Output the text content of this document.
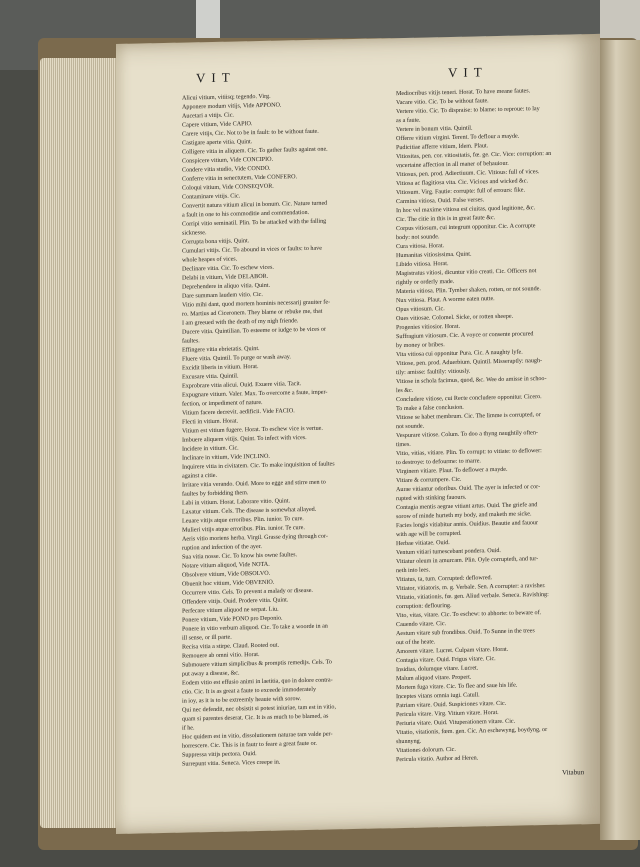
VIT	VIT
Alicui vitium, vitiisq; tegendo. Virg.
Apponere modum vitijs, Vide APPONO.
Aucetari a vitijs. Cic.
Capere vitium, Vide CAPIO.
Carere vitijs, Cic. Not to be in fault: to be without faute.
Castigare aperte vitia. Quint.
Colligere vitia in aliquem. Cic. To gather faults against one.
Conspicere vitium, Vide CONCIPIO.
Condere vitia studio, Vide CONDO.
Conferre vitia in senectutem, Vide CONFERO.
Coloqui vitium, Vide CONSEQVOR.
Contaminare vitijs. Cic.
Convertit natura vitium alicui in bonum. Cic. Nature turned
a fault in one to his commoditie and commendation.
Corripi vitio seminatil. Plin. To be attacked with the falling
sicknesse.
Corrupta bona vitijs. Quint.
Cumulari vitijs. Cic. To abound in vices or faults: to have
whole heapes of vices.
Declinare vitia. Cic. To eschew vices.
Delabi in vitium, Vide DELABOR.
Deprehendere in aliquo vitia. Quint.
Dare summam laudem vitio. Cic.
Vitio mihi dant, quod mortem hominis necessarij grauiter fe-
ro. Martius ad Ciceronem. They blame or rebuke me, that
I am greeued with the death of my nigh friende.
Ducere vitia. Quintilian. To esteeme or iudge to be vices or
faultes.
Effingere vitia ebrietatis. Quint.
Fluere vitia. Quintil. To purge or wash away.
Excidit liberis in vitium. Horat.
Excusare vitia. Quintil.
Exprobrare vitia alicui. Ouid. Exuere vitia. Tacit.
Expugnare vitium. Valer. Max. To overcome a faute, imper-
fection, or impediment of nature.
Vitium facere decrevit. aedificii. Vide FACIO.
Flecti in vitium. Horat.
Vitium est vitium fugere. Horat. To eschew vice is vertue.
Imbuere aliquem vitijs. Quint. To infect with vices.
Incidere in vitium. Cic.
Inclinare in vitium, Vide INCLINO.
Inquirere vitia in civitatem. Cic. To make inquisition of faultes
against a citie.
Irritare vitia verando. Ouid. More to egge and stirre men to
faultes by forbidding them.
Labi in vitium. Horat. Laborare vitio. Quint.
Laxatur vitium. Cels. The disease is somewhat allayed.
Leuare vitijs atque erroribus. Plin. iunior. To cure.
Mulieri vitijs atque erroribus. Plin. iunior. Te cure.
Aeris vitio moriens herba. Virgil. Grasse dying through cor-
ruption and infection of the ayer.
Sua vitia nosse. Cic. To know his owne faultes.
Notare vitium aliquod, Vide NOTA.
Obsolvere vitium, Vide OBSOLVO.
Obuenit hoc vitium, Vide OBVENIO.
Occurrere vitio. Cels. To prevent a malady or disease.
Offendere vitijs. Ouid. Prodere vitia. Quint.
Perfecare vitium aliquod ne serpat. Liu.
Ponere vitium, Vide PONO pro Deponio.
Ponere in vitio verbum aliquod. Cic. To take a woorde in an
ill sense, or ill parte.
Recisa vitia a stirpe. Claud. Rooted out.
Remouere ab omni vitio. Horat.
Submouere vitium simplicibus & promptis remedijs. Cels. To
put away a disease, &c.
Eodem vitio est effusio animi in laetitia, quo in dolore contra-
ctio. Cic. It is as great a faute to exceede immoderately
in ioy, as it is to be extreemly heauie with sorow.
Qui nec defendit, nec obsistit si potest iniuriae, tam est in vitio,
quam si parentes deserat. Cic. It is as much to be blamed, as
if he.
Hoc quidem est in vitio, dissolutionem naturae tam valde per-
horrescere. Cic. This is in fautr to feare a great faute or.
Suppressa vitijs pectora. Ouid.
Surrepunt vitia. Seneca. Vices creepe in.
Mediocribus vitijs teneri. Horat. To have meane fautes.
Vacare vitio. Cic. To be without faute.
Vertere vitio. Cic. To dispraise: to blame: to reproue: to lay
as a faute.
Vertere in bonum vitia. Quintil.
Offerre vitium virgini. Terent. To deflour a mayde.
Pudicitiae afferre vitium, Idem. Plaut.
Vitiositas, pen. cor. vitiositatis, fœ. ge. Cic. Vice: corruption: an
vncertaine affection in all maner of behauiour.
Vitiosus, pen. prod. Adiectiuum. Cic. Vitious: full of vices.
Vitiosa ac flagitiosa vita. Cic. Vicious and wicked &c.
Vitiosum. Virg. Fautie: corrupte: full of errours: fike.
Carmina vitiosa. Ouid. False verses.
In hoc vel maxime vitiosa est ciuitas, quod legitione, &c.
Cic. The citie in this is in great faute &c.
Corpus vitiosum, cui integrum opponitur. Cic. A corrupte
body: not sounde.
Cura vitiosa. Horat.
Humanitas vitiosissima. Quint.
Libido vitiosa. Horat.
Magistratus vitiosi, dicuntur vitio creati. Cic. Officers not
rightly or orderly made.
Materia vitiosa. Plin. Tymber shaken, rotten, or not sounde.
Nux vitiosa. Plaut. A worme eaten nutte.
Opus vitiosum. Cic.
Oues vitiosae. Colomel. Sicke, or rotten sheepe.
Progenies vitiosior. Horat.
Suffragium vitiosum. Cic. A voyce or consente procured
by money or bribes.
Vita vitiosa cui opponitur Pura. Cic. A naughty lyfe.
Vitiose, pen. prod. Aduerbium. Quintil. Misseraptly: naugh-
tily: amisse: faultily: vitiously.
Vitiose in schola facimus, quod, &c. Wee do amisse in schoo-
les &c.
Concludere vitiose, cui Recte concludere opponitur. Cicero.
To make a false conclusion.
Vitiose se habet membrum. Cic. The limme is corrupted, or
not sounde.
Vespurare vitiose. Colum. To doo a thyng naughtily often-
times.
Vitio, vitias, vitiare. Plin. To corrupt: to vitiate: to deflower:
to destroye: to defourme: to marre.
Virginem vitiare. Plaut. To deflower a mayde.
Vitiare & corrumpere. Cic.
Aurae vitiantur odoribus. Ouid. The ayer is infected or cor-
rupted with stinking fauours.
Contagia mentis aegrae vitiant artus. Ouid. The griefe and
sorow of minde hurteth my body, and maketh me sicke.
Facies longis vitiabitur annis. Ouidius. Beautie and fauour
with age will be corrupted.
Herbae vitiatae. Ouid.
Ventum vitiari tumescebant pondera. Ouid.
Vitiatur oleum in amurcam. Plin. Oyle corrupteth, and tur-
neth into lees.
Vitiatus, ta, tum. Corrupted: deflowred.
Vitiator, vitiatoris, m. g. Verbale. Sen. A corrupter: a ravisher.
Vitiatio, vitiationis, fœ. gen. Aliud verbale. Seneca. Ravishing:
corruption: deflouring.
Vito, vitas, vitare. Cic. To eschew: to abhorte: to beware of.
Cauendo vitare. Cic.
Aestum vitare sub frondibus. Ouid. To Sunne in the trees
out of the heate.
Amorem vitare. Lucret. Culpam vitare. Horat.
Contagia vitare. Ouid. Frigus vitare. Cic.
Insidias, dolumque vitare. Lucret.
Malum aliquod vitare. Propert.
Mortem fuga vitare. Cic. To flee and saue his life.
Inceptes vitans omnia iugi. Catull.
Patriam vitare. Ouid. Suspiciones vitare. Cic.
Pericula vitare. Virg. Vitium vitare. Horat.
Periuria vitare. Ouid. Vituperationem vitare. Cic.
Vitatio, vitationis, fœm. gen. Cic. An eschewyng, boydyng, or
shunnyng.
Vitationes dolorum. Cic.
Pericula vitatio. Author ad Heren.
Vitabun
